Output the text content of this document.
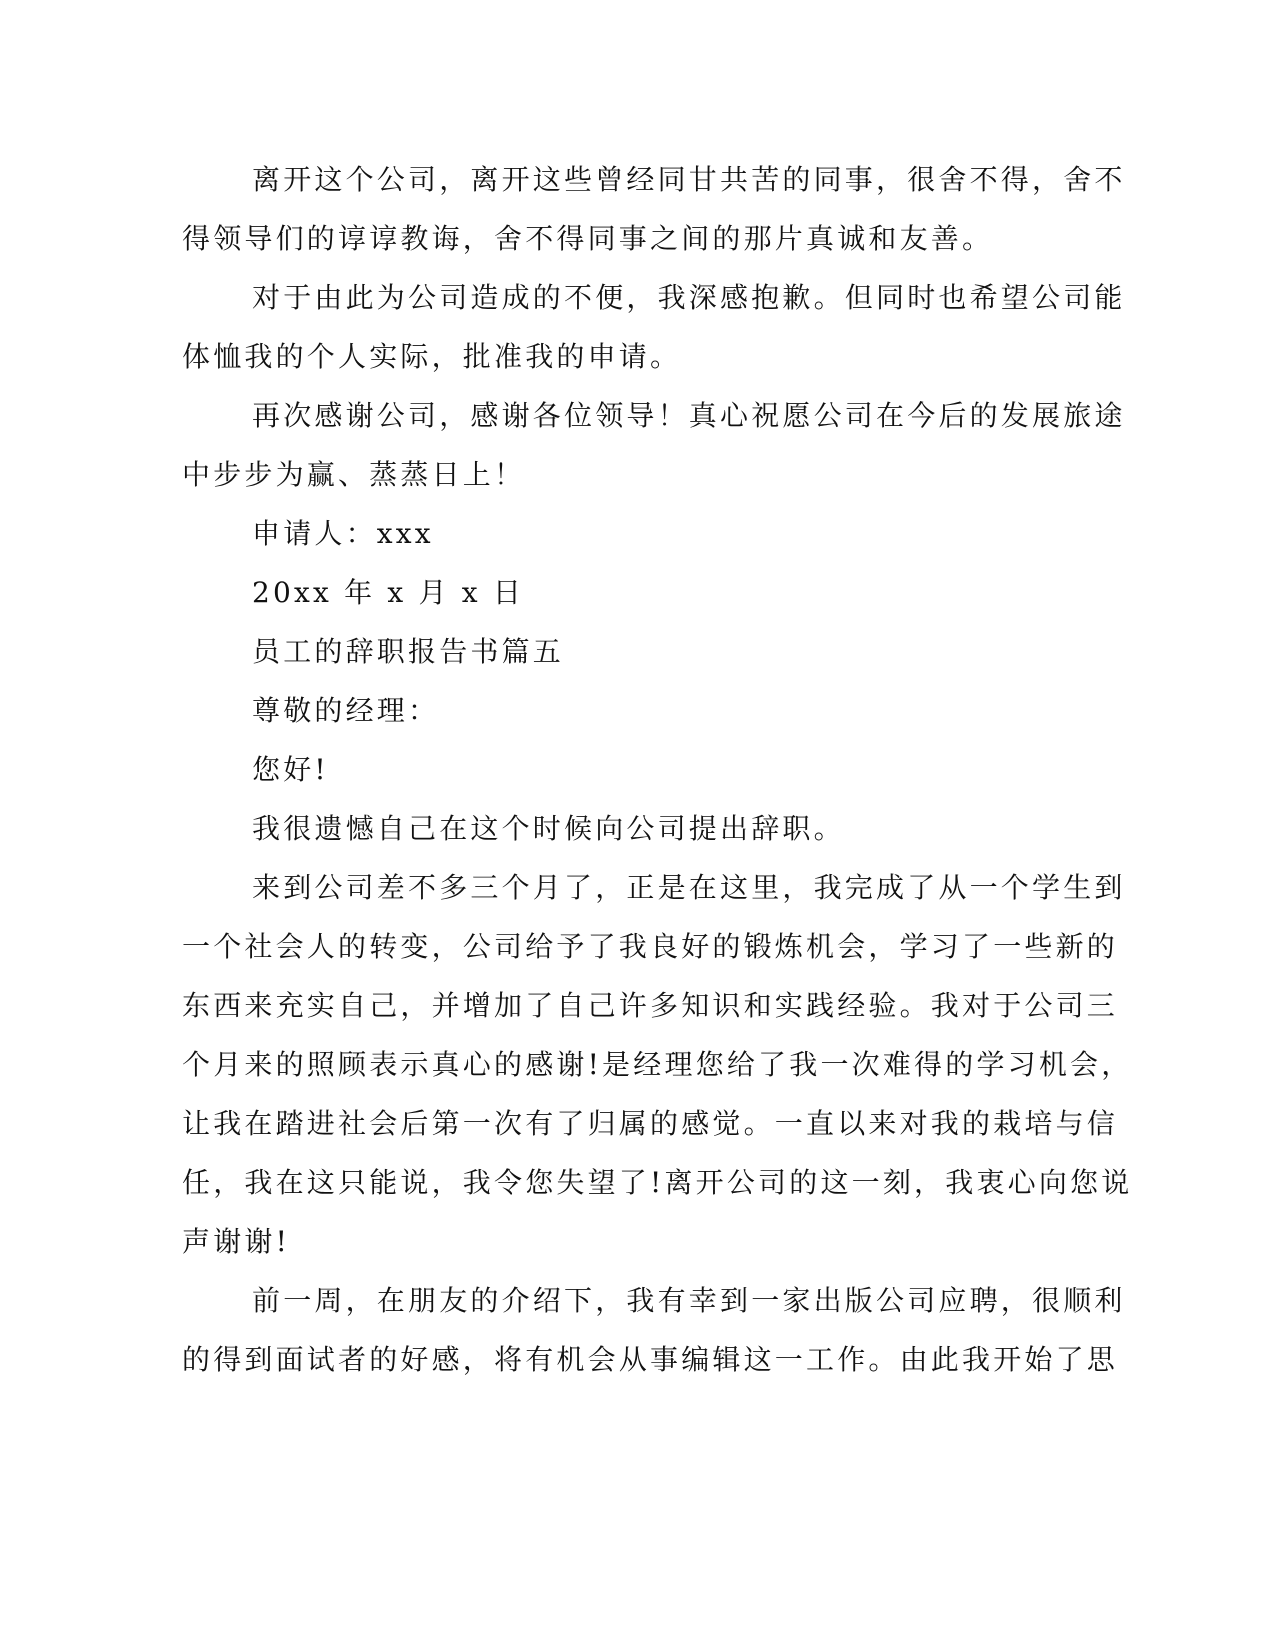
离开这个公司，离开这些曾经同甘共苦的同事，很舍不得，舍不
得领导们的谆谆教诲，舍不得同事之间的那片真诚和友善。
对于由此为公司造成的不便，我深感抱歉。但同时也希望公司能
体恤我的个人实际，批准我的申请。
再次感谢公司，感谢各位领导！真心祝愿公司在今后的发展旅途
中步步为赢、蒸蒸日上！
申请人：xxx
20xx 年 x 月 x 日
员工的辞职报告书篇五
尊敬的经理：
您好!
我很遗憾自己在这个时候向公司提出辞职。
来到公司差不多三个月了，正是在这里，我完成了从一个学生到
一个社会人的转变，公司给予了我良好的锻炼机会，学习了一些新的
东西来充实自己，并增加了自己许多知识和实践经验。我对于公司三
个月来的照顾表示真心的感谢!是经理您给了我一次难得的学习机会，
让我在踏进社会后第一次有了归属的感觉。一直以来对我的栽培与信
任，我在这只能说，我令您失望了!离开公司的这一刻，我衷心向您说
声谢谢!
前一周，在朋友的介绍下，我有幸到一家出版公司应聘，很顺利
的得到面试者的好感，将有机会从事编辑这一工作。由此我开始了思
